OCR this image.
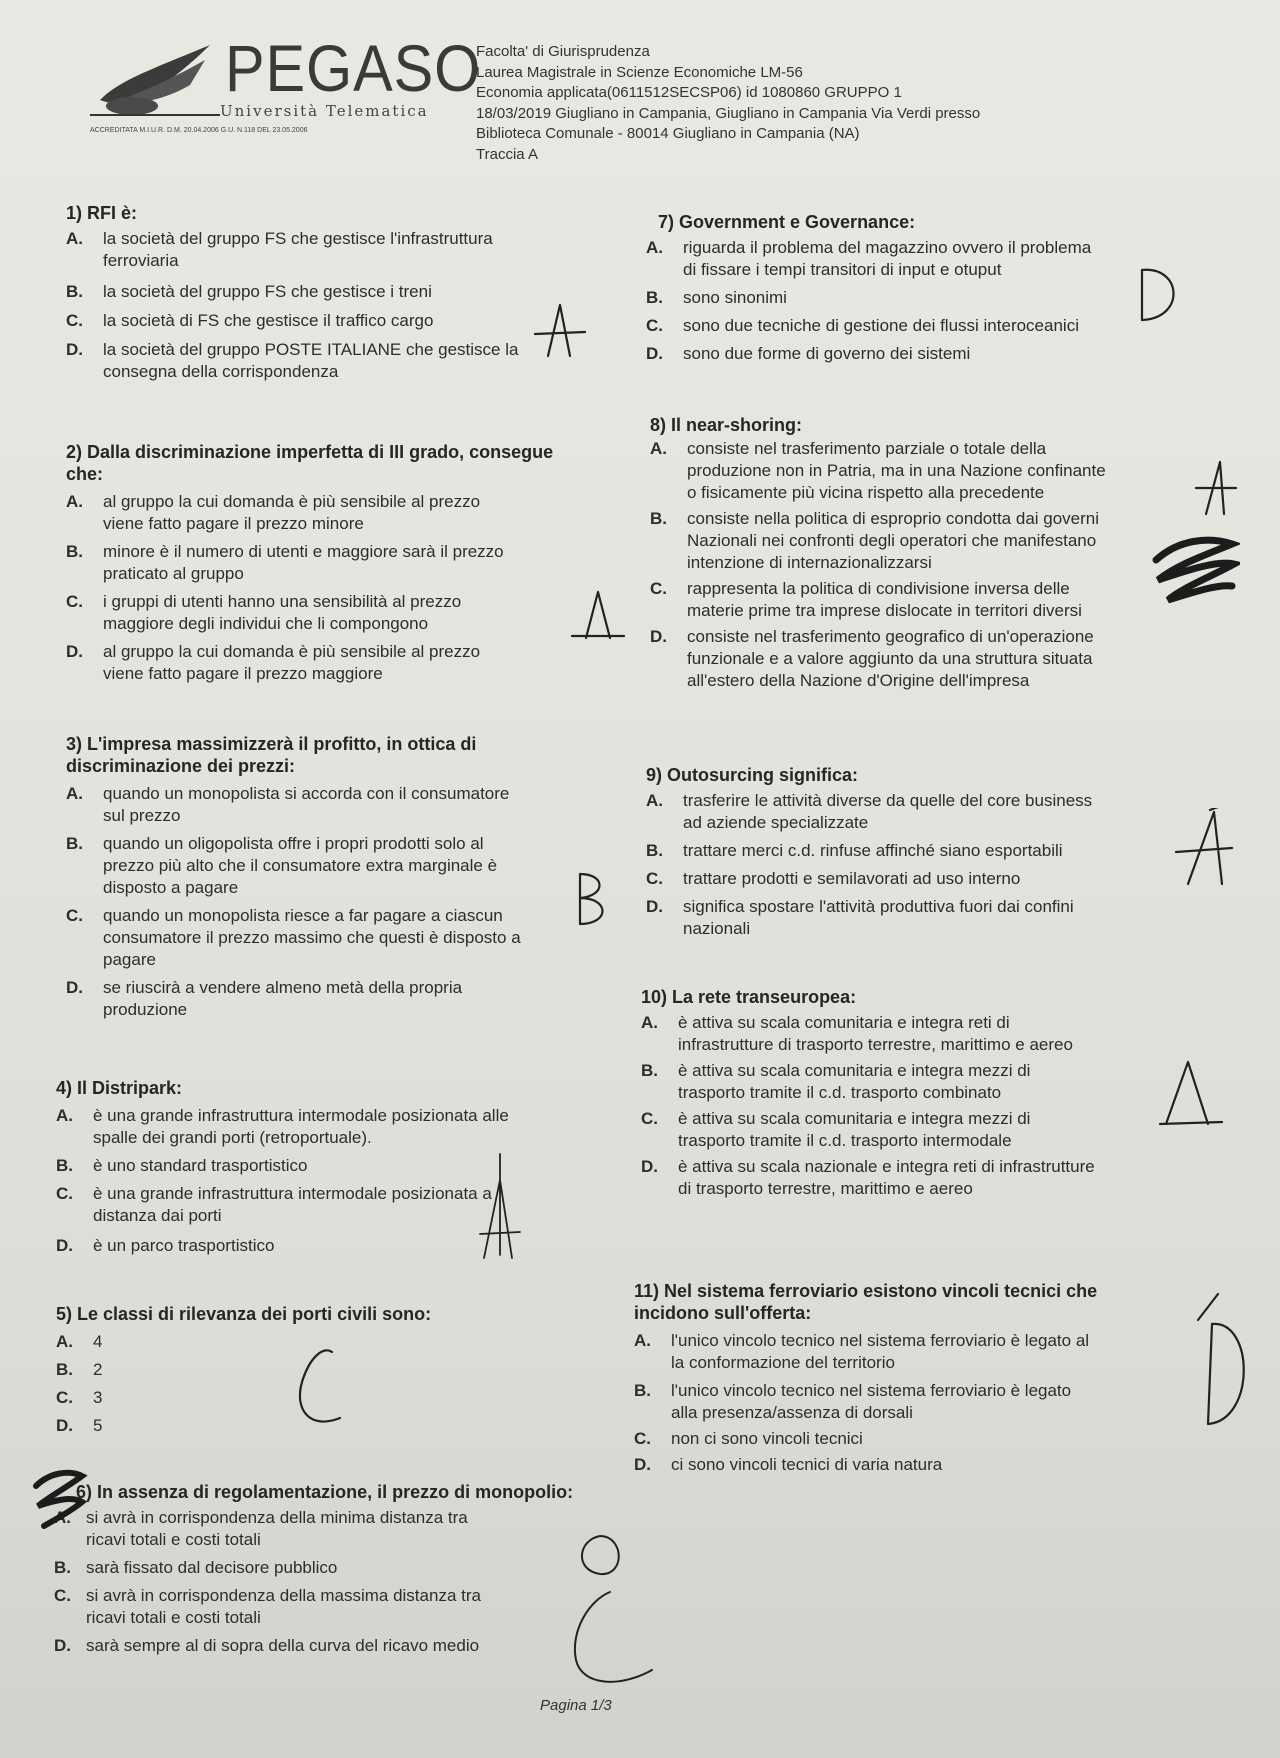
PEGASO
Università Telematica
ACCREDITATA M.I.U.R. D.M. 20.04.2006 G.U. N.118 DEL 23.05.2006
Facolta' di Giurisprudenza
Laurea Magistrale in Scienze Economiche LM-56
Economia applicata(0611512SECSP06) id 1080860 GRUPPO 1
18/03/2019 Giugliano in Campania, Giugliano in Campania Via Verdi presso
Biblioteca Comunale - 80014 Giugliano in Campania (NA)
Traccia A
1) RFI è:
A. la società del gruppo FS che gestisce l'infrastruttura
ferroviaria
B. la società del gruppo FS che gestisce i treni
C. la società di FS che gestisce il traffico cargo
D. la società del gruppo POSTE ITALIANE che gestisce la
consegna della corrispondenza
2) Dalla discriminazione imperfetta di III grado, consegue
che:
A. al gruppo la cui domanda è più sensibile al prezzo
viene fatto pagare il prezzo minore
B. minore è il numero di utenti e maggiore sarà il prezzo
praticato al gruppo
C. i gruppi di utenti hanno una sensibilità al prezzo
maggiore degli individui che li compongono
D. al gruppo la cui domanda è più sensibile al prezzo
viene fatto pagare il prezzo maggiore
3) L'impresa massimizzerà il profitto, in ottica di
discriminazione dei prezzi:
A. quando un monopolista si accorda con il consumatore
sul prezzo
B. quando un oligopolista offre i propri prodotti solo al
prezzo più alto che il consumatore extra marginale è
disposto a pagare
C. quando un monopolista riesce a far pagare a ciascun
consumatore il prezzo massimo che questi è disposto a
pagare
D. se riuscirà a vendere almeno metà della propria
produzione
4) Il Distripark:
A. è una grande infrastruttura intermodale posizionata alle
spalle dei grandi porti (retroportuale).
B. è uno standard trasportistico
C. è una grande infrastruttura intermodale posizionata a
distanza dai porti
D. è un parco trasportistico
5) Le classi di rilevanza dei porti civili sono:
A. 4
B. 2
C. 3
D. 5
6) In assenza di regolamentazione, il prezzo di monopolio:
A. si avrà in corrispondenza della minima distanza tra
ricavi totali e costi totali
B. sarà fissato dal decisore pubblico
C. si avrà in corrispondenza della massima distanza tra
ricavi totali e costi totali
D. sarà sempre al di sopra della curva del ricavo medio
7) Government e Governance:
A. riguarda il problema del magazzino ovvero il problema
di fissare i tempi transitori di input e otuput
B. sono sinonimi
C. sono due tecniche di gestione dei flussi interoceanici
D. sono due forme di governo dei sistemi
8) Il near-shoring:
A. consiste nel trasferimento parziale o totale della
produzione non in Patria, ma in una Nazione confinante
o fisicamente più vicina rispetto alla precedente
B. consiste nella politica di esproprio condotta dai governi
Nazionali nei confronti degli operatori che manifestano
intenzione di internazionalizzarsi
C. rappresenta la politica di condivisione inversa delle
materie prime tra imprese dislocate in territori diversi
D. consiste nel trasferimento geografico di un'operazione
funzionale e a valore aggiunto da una struttura situata
all'estero della Nazione d'Origine dell'impresa
9) Outosurcing significa:
A. trasferire le attività diverse da quelle del core business
ad aziende specializzate
B. trattare merci c.d. rinfuse affinché siano esportabili
C. trattare prodotti e semilavorati ad uso interno
D. significa spostare l'attività produttiva fuori dai confini
nazionali
10) La rete transeuropea:
A. è attiva su scala comunitaria e integra reti di
infrastrutture di trasporto terrestre, marittimo e aereo
B. è attiva su scala comunitaria e integra mezzi di
trasporto tramite il c.d. trasporto combinato
C. è attiva su scala comunitaria e integra mezzi di
trasporto tramite il c.d. trasporto intermodale
D. è attiva su scala nazionale e integra reti di infrastrutture
di trasporto terrestre, marittimo e aereo
11) Nel sistema ferroviario esistono vincoli tecnici che
incidono sull'offerta:
A. l'unico vincolo tecnico nel sistema ferroviario è legato al
la conformazione del territorio
B. l'unico vincolo tecnico nel sistema ferroviario è legato
alla presenza/assenza di dorsali
C. non ci sono vincoli tecnici
D. ci sono vincoli tecnici di varia natura
Pagina 1/3
